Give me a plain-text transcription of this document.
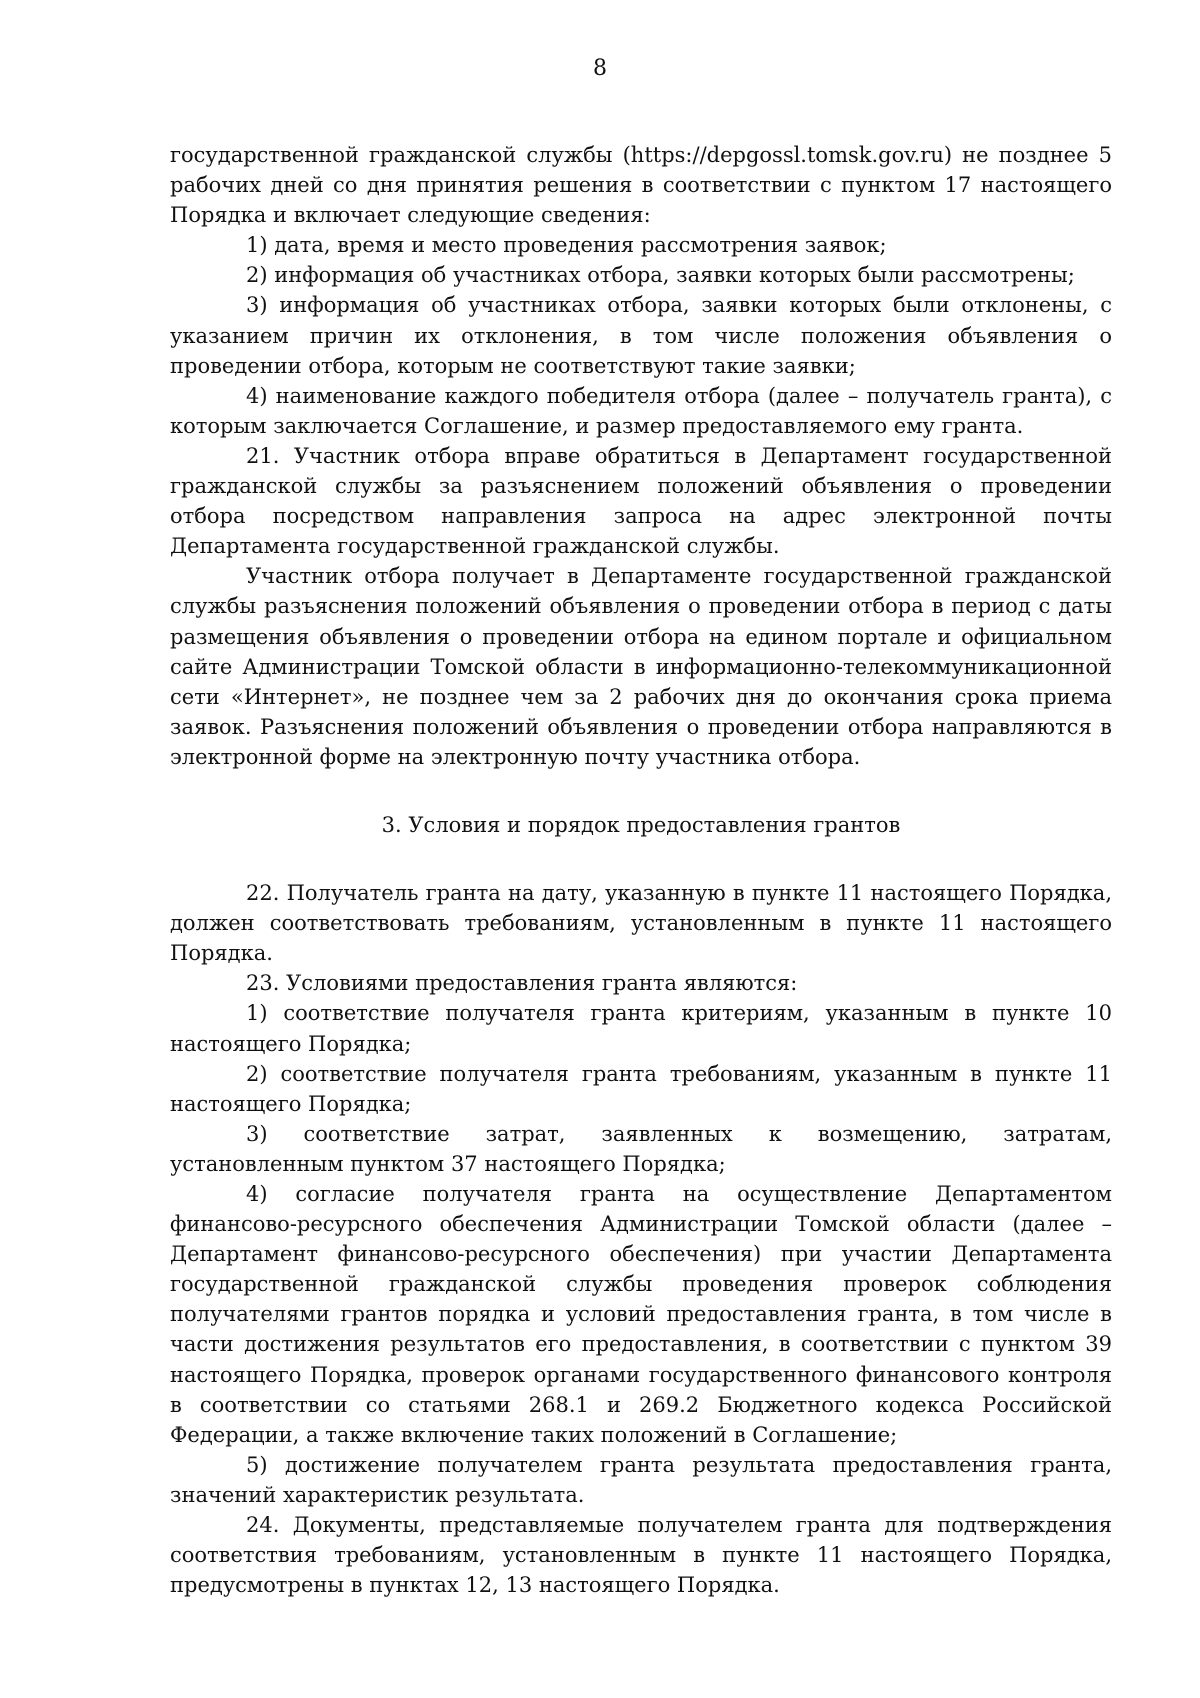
8

государственной гражданской службы (https://depgossl.tomsk.gov.ru) не позднее 5 рабочих дней со дня принятия решения в соответствии с пунктом 17 настоящего Порядка и включает следующие сведения:

1) дата, время и место проведения рассмотрения заявок;

2) информация об участниках отбора, заявки которых были рассмотрены;

3) информация об участниках отбора, заявки которых были отклонены, с указанием причин их отклонения, в том числе положения объявления о проведении отбора, которым не соответствуют такие заявки;

4) наименование каждого победителя отбора (далее – получатель гранта), с которым заключается Соглашение, и размер предоставляемого ему гранта.

21. Участник отбора вправе обратиться в Департамент государственной гражданской службы за разъяснением положений объявления о проведении отбора посредством направления запроса на адрес электронной почты Департамента государственной гражданской службы.

Участник отбора получает в Департаменте государственной гражданской службы разъяснения положений объявления о проведении отбора в период с даты размещения объявления о проведении отбора на едином портале и официальном сайте Администрации Томской области в информационно-телекоммуникационной сети «Интернет», не позднее чем за 2 рабочих дня до окончания срока приема заявок. Разъяснения положений объявления о проведении отбора направляются в электронной форме на электронную почту участника отбора.

3. Условия и порядок предоставления грантов

22. Получатель гранта на дату, указанную в пункте 11 настоящего Порядка, должен соответствовать требованиям, установленным в пункте 11 настоящего Порядка.

23. Условиями предоставления гранта являются:

1) соответствие получателя гранта критериям, указанным в пункте 10 настоящего Порядка;

2) соответствие получателя гранта требованиям, указанным в пункте 11 настоящего Порядка;

3) соответствие затрат, заявленных к возмещению, затратам, установленным пунктом 37 настоящего Порядка;

4) согласие получателя гранта на осуществление Департаментом финансово-ресурсного обеспечения Администрации Томской области (далее – Департамент финансово-ресурсного обеспечения) при участии Департамента государственной гражданской службы проведения проверок соблюдения получателями грантов порядка и условий предоставления гранта, в том числе в части достижения результатов его предоставления, в соответствии с пунктом 39 настоящего Порядка, проверок органами государственного финансового контроля в соответствии со статьями 268.1 и 269.2 Бюджетного кодекса Российской Федерации, а также включение таких положений в Соглашение;

5) достижение получателем гранта результата предоставления гранта, значений характеристик результата.

24. Документы, представляемые получателем гранта для подтверждения соответствия требованиям, установленным в пункте 11 настоящего Порядка, предусмотрены в пунктах 12, 13 настоящего Порядка.
